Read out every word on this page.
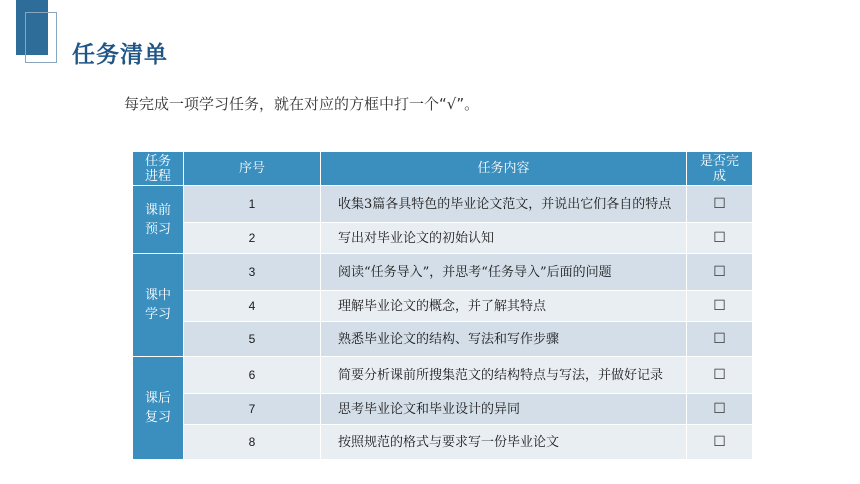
任务清单
每完成一项学习任务，就在对应的方框中打一个“√”。
任务进程	序号	任务内容	是否完成
课前预习	1	收集3篇各具特色的毕业论文范文，并说出它们各自的特点	☐
	2	写出对毕业论文的初始认知	☐
课中学习	3	阅读“任务导入”，并思考“任务导入”后面的问题	☐
	4	理解毕业论文的概念，并了解其特点	☐
	5	熟悉毕业论文的结构、写法和写作步骤	☐
课后复习	6	简要分析课前所搜集范文的结构特点与写法，并做好记录	☐
	7	思考毕业论文和毕业设计的异同	☐
	8	按照规范的格式与要求写一份毕业论文	☐
